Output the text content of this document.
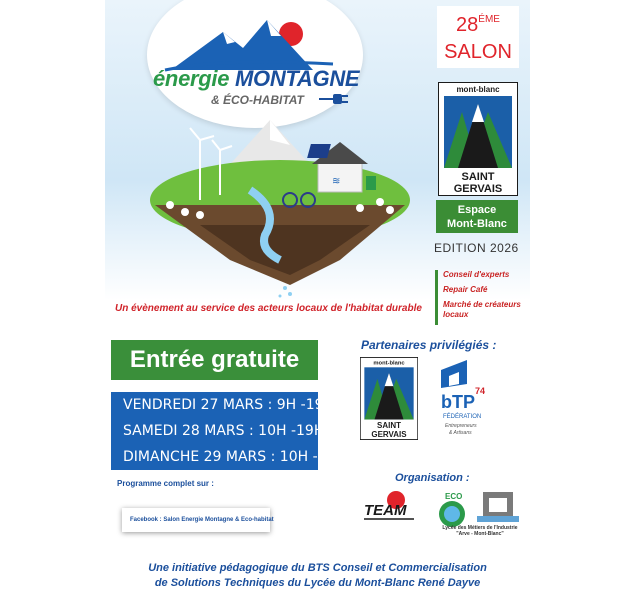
énergie MONTAGNE
& ÉCO-HABITAT
≋
$28^{ÉME}$
SALON
mont-blanc
SAINT
GERVAIS
Espace
Mont-Blanc
EDITION 2026
Conseil d'experts
Repair Café
Marché de créateurs locaux
Un évènement au service des acteurs locaux de l'habitat durable
Entrée gratuite
VENDREDI 27 MARS : 9H -19H
SAMEDI 28 MARS : 10H -19H
DIMANCHE 29 MARS : 10H -17H
Programme complet sur :
Facebook : Salon Energie Montagne & Eco-habitat
Partenaires privilégiés :
mont-blanc
SAINT
GERVAIS
bTP
74
FÉDÉRATION
Entrepreneurs
& Artisans
Organisation :
TEAM
ECO
Lycée des Métiers de l'Industrie
"Arve - Mont-Blanc"
Une initiative pédagogique du BTS Conseil et Commercialisation
de Solutions Techniques du Lycée du Mont-Blanc René Dayve
